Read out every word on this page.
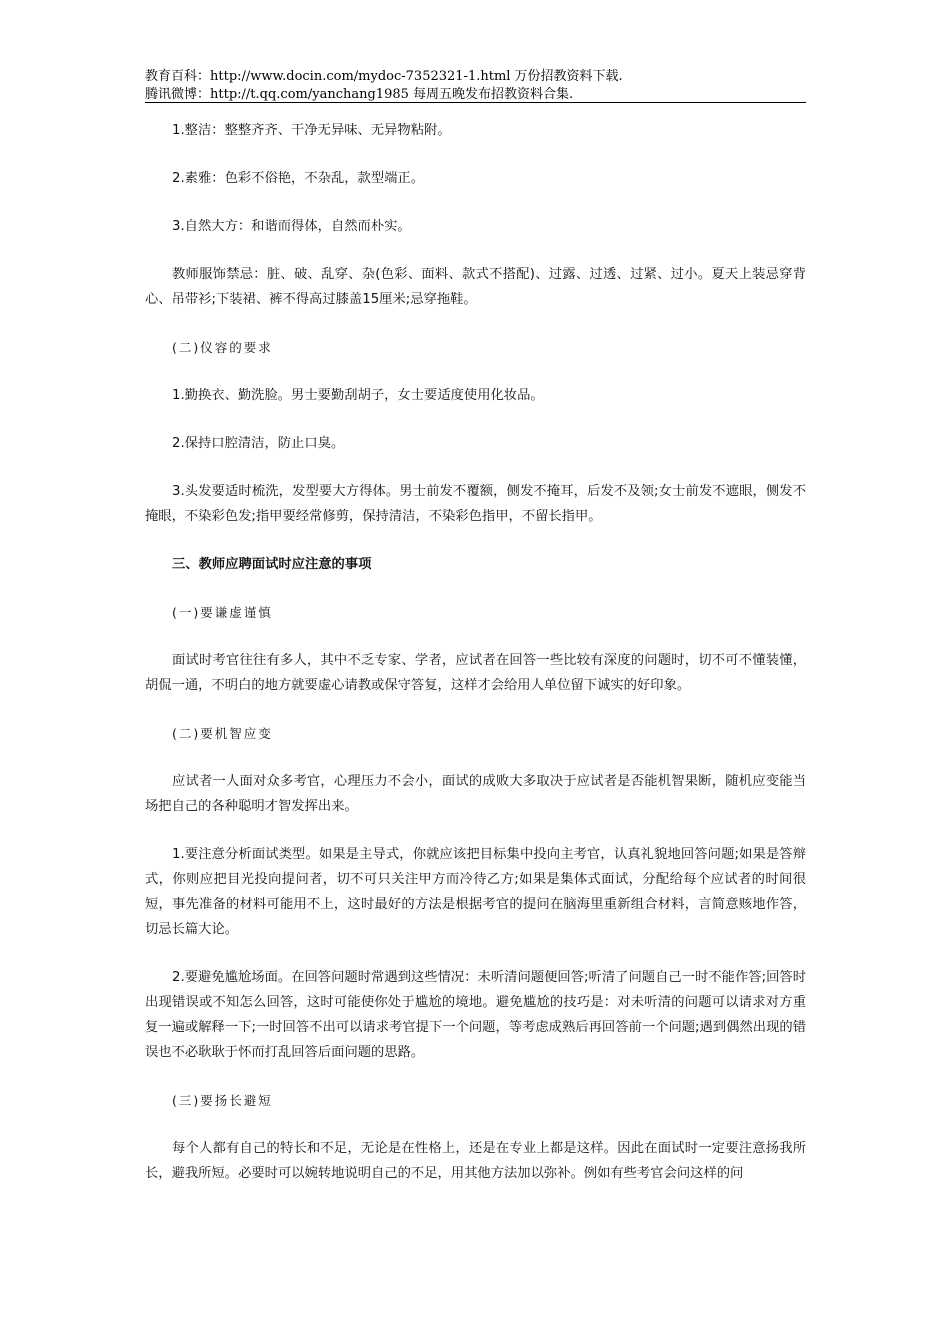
教育百科：http://www.docin.com/mydoc-7352321-1.html 万份招教资料下载.
腾讯微博：http://t.qq.com/yanchang1985 每周五晚发布招教资料合集.

1.整洁：整整齐齐、干净无异味、无异物粘附。

2.素雅：色彩不俗艳，不杂乱，款型端正。

3.自然大方：和谐而得体，自然而朴实。

教师服饰禁忌：脏、破、乱穿、杂(色彩、面料、款式不搭配)、过露、过透、过紧、过小。夏天上装忌穿背心、吊带衫;下装裙、裤不得高过膝盖15厘米;忌穿拖鞋。

(二)仪容的要求

1.勤换衣、勤洗脸。男士要勤刮胡子，女士要适度使用化妆品。

2.保持口腔清洁，防止口臭。

3.头发要适时梳洗，发型要大方得体。男士前发不覆额，侧发不掩耳，后发不及领;女士前发不遮眼，侧发不掩眼，不染彩色发;指甲要经常修剪，保持清洁，不染彩色指甲，不留长指甲。

三、教师应聘面试时应注意的事项

(一)要谦虚谨慎

面试时考官往往有多人，其中不乏专家、学者，应试者在回答一些比较有深度的问题时，切不可不懂装懂，胡侃一通，不明白的地方就要虚心请教或保守答复，这样才会给用人单位留下诚实的好印象。

(二)要机智应变

应试者一人面对众多考官，心理压力不会小，面试的成败大多取决于应试者是否能机智果断，随机应变能当场把自己的各种聪明才智发挥出来。

1.要注意分析面试类型。如果是主导式，你就应该把目标集中投向主考官，认真礼貌地回答问题;如果是答辩式，你则应把目光投向提问者，切不可只关注甲方而冷待乙方;如果是集体式面试，分配给每个应试者的时间很短，事先准备的材料可能用不上，这时最好的方法是根据考官的提问在脑海里重新组合材料，言简意赅地作答，切忌长篇大论。

2.要避免尴尬场面。在回答问题时常遇到这些情况：未听清问题便回答;听清了问题自己一时不能作答;回答时出现错误或不知怎么回答，这时可能使你处于尴尬的境地。避免尴尬的技巧是：对未听清的问题可以请求对方重复一遍或解释一下;一时回答不出可以请求考官提下一个问题，等考虑成熟后再回答前一个问题;遇到偶然出现的错误也不必耿耿于怀而打乱回答后面问题的思路。

(三)要扬长避短

每个人都有自己的特长和不足，无论是在性格上，还是在专业上都是这样。因此在面试时一定要注意扬我所长，避我所短。必要时可以婉转地说明自己的不足，用其他方法加以弥补。例如有些考官会问这样的问
